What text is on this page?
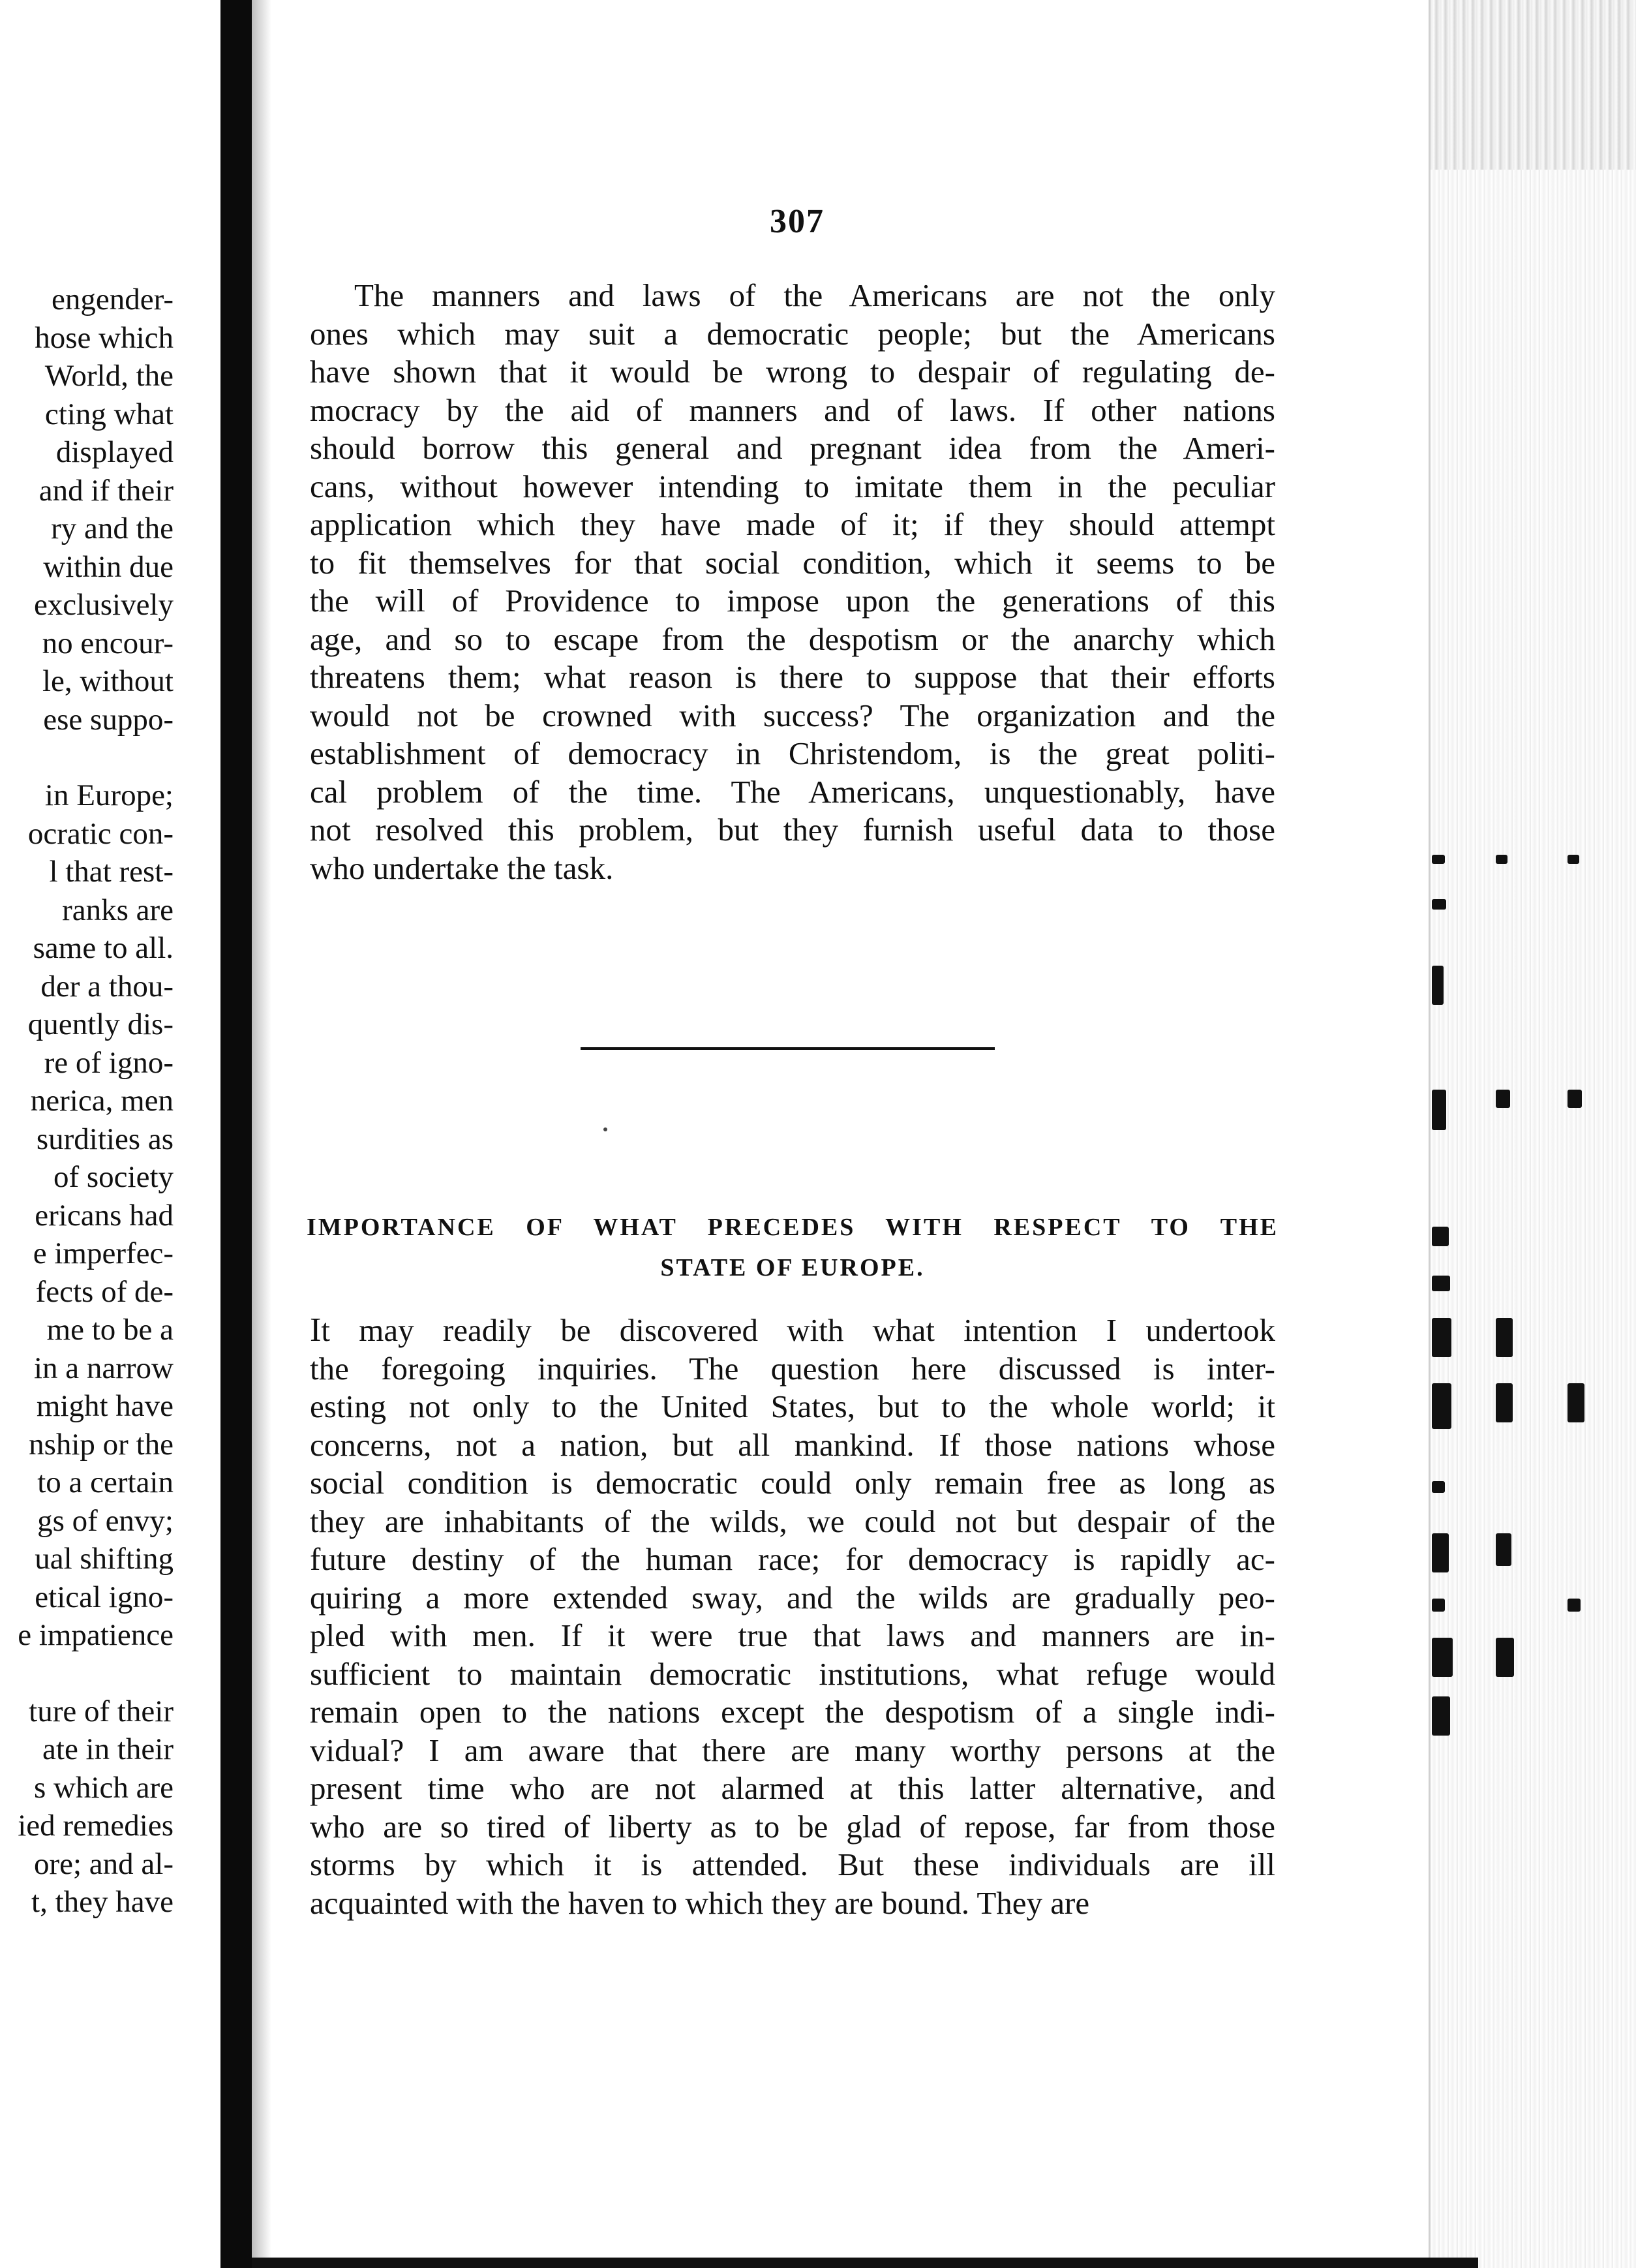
engender-
hose which
World, the
cting what
displayed
and if their
ry and the
within due
exclusively
no encour-
le, without
ese suppo-
in Europe;
ocratic con-
l that rest-
ranks are
same to all.
der a thou-
quently dis-
re of igno-
nerica, men
surdities as
of society
ericans had
e imperfec-
fects of de-
me to be a
in a narrow
might have
nship or the
to a certain
gs of envy;
ual shifting
etical igno-
e impatience
ture of their
ate in their
s which are
ied remedies
ore; and al-
t, they have
307

The manners and laws of the Americans are not the only
ones which may suit a democratic people; but the Americans
have shown that it would be wrong to despair of regulating de-
mocracy by the aid of manners and of laws. If other nations
should borrow this general and pregnant idea from the Ameri-
cans, without however intending to imitate them in the peculiar
application which they have made of it; if they should attempt
to fit themselves for that social condition, which it seems to be
the will of Providence to impose upon the generations of this
age, and so to escape from the despotism or the anarchy which
threatens them; what reason is there to suppose that their efforts
would not be crowned with success? The organization and the
establishment of democracy in Christendom, is the great politi-
cal problem of the time. The Americans, unquestionably, have
not resolved this problem, but they furnish useful data to those
who undertake the task.

IMPORTANCE OF WHAT PRECEDES WITH RESPECT TO THE
STATE OF EUROPE.

It may readily be discovered with what intention I undertook
the foregoing inquiries. The question here discussed is inter-
esting not only to the United States, but to the whole world; it
concerns, not a nation, but all mankind. If those nations whose
social condition is democratic could only remain free as long as
they are inhabitants of the wilds, we could not but despair of the
future destiny of the human race; for democracy is rapidly ac-
quiring a more extended sway, and the wilds are gradually peo-
pled with men. If it were true that laws and manners are in-
sufficient to maintain democratic institutions, what refuge would
remain open to the nations except the despotism of a single indi-
vidual? I am aware that there are many worthy persons at the
present time who are not alarmed at this latter alternative, and
who are so tired of liberty as to be glad of repose, far from those
storms by which it is attended. But these individuals are ill
acquainted with the haven to which they are bound. They are
